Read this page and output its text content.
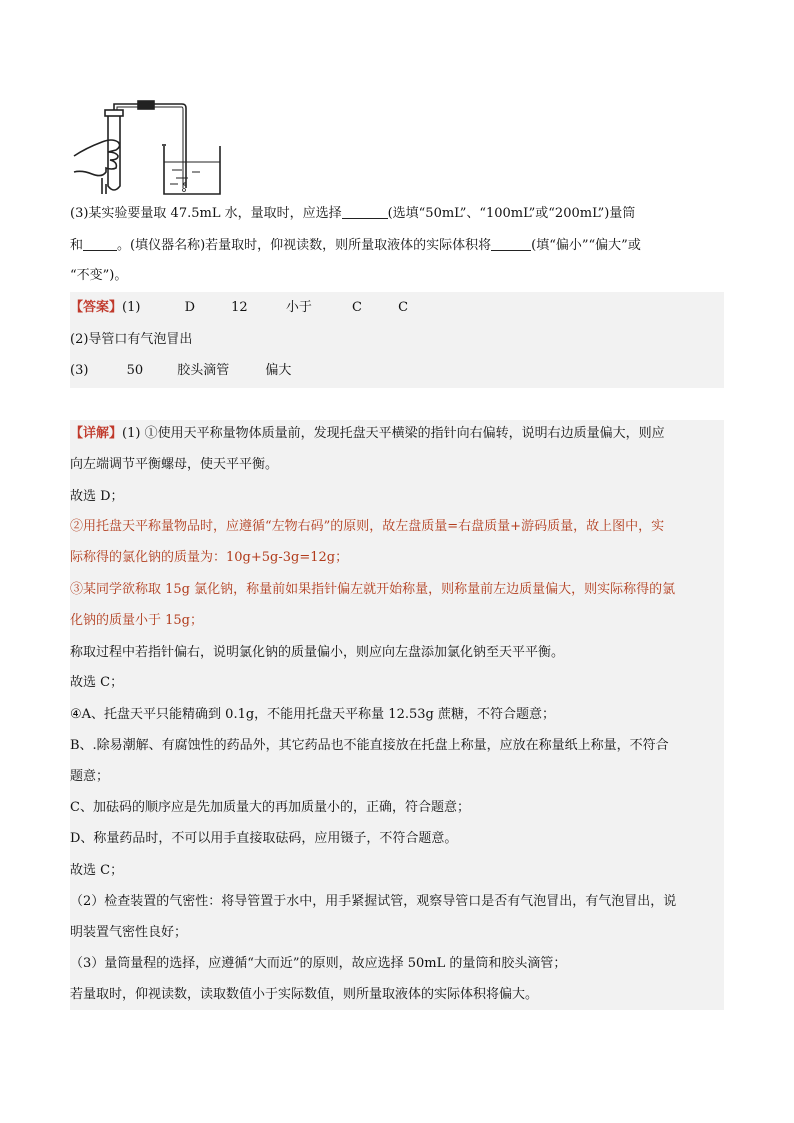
(3)某实验要量取 47.5mL 水，量取时，应选择	(选填“50mL”、“100mL”或“200mL”)量筒
和	。(填仪器名称)若量取时，仰视读数，则所量取液体的实际体积将	(填“偏小”“偏大”或
“不变”)。
【答案】(1)	D	12	小于	C	C
(2)导管口有气泡冒出
(3)	50	胶头滴管	偏大
【详解】(1) ①使用天平称量物体质量前，发现托盘天平横梁的指针向右偏转，说明右边质量偏大，则应
向左端调节平衡螺母，使天平平衡。
故选 D；
②用托盘天平称量物品时，应遵循“左物右码”的原则，故左盘质量=右盘质量+游码质量，故上图中，实
际称得的氯化钠的质量为：10g+5g-3g=12g；
③某同学欲称取 15g 氯化钠，称量前如果指针偏左就开始称量，则称量前左边质量偏大，则实际称得的氯
化钠的质量小于 15g；
称取过程中若指针偏右，说明氯化钠的质量偏小，则应向左盘添加氯化钠至天平平衡。
故选 C；
④A、托盘天平只能精确到 0.1g，不能用托盘天平称量 12.53g 蔗糖，不符合题意；
B、.除易潮解、有腐蚀性的药品外，其它药品也不能直接放在托盘上称量，应放在称量纸上称量，不符合
题意；
C、加砝码的顺序应是先加质量大的再加质量小的，正确，符合题意；
D、称量药品时，不可以用手直接取砝码，应用镊子，不符合题意。
故选 C；
（2）检查装置的气密性：将导管置于水中，用手紧握试管，观察导管口是否有气泡冒出，有气泡冒出，说
明装置气密性良好；
（3）量筒量程的选择，应遵循“大而近”的原则，故应选择 50mL 的量筒和胶头滴管；
若量取时，仰视读数，读取数值小于实际数值，则所量取液体的实际体积将偏大。
